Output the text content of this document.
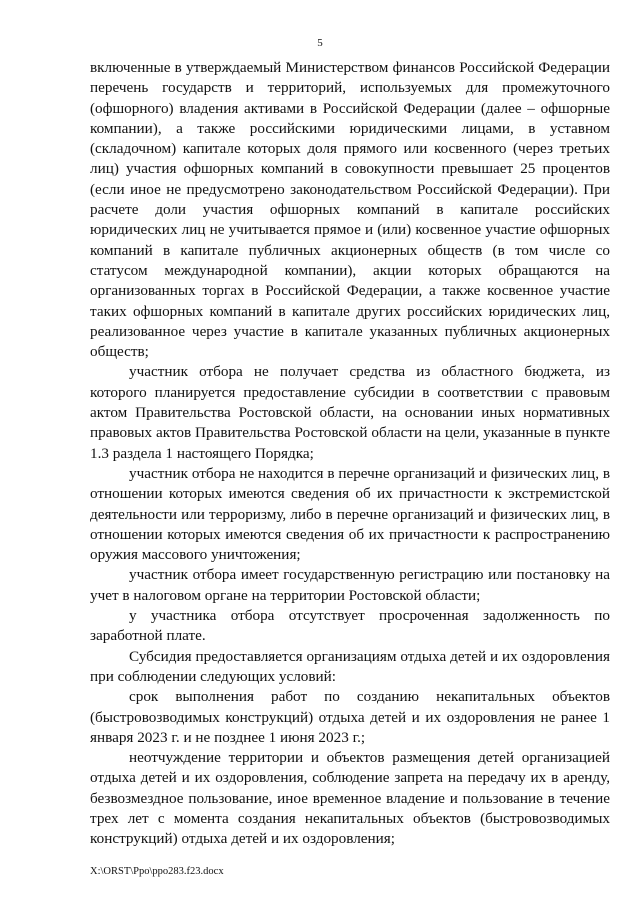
5

включенные в утверждаемый Министерством финансов Российской Федерации перечень государств и территорий, используемых для промежуточного (офшорного) владения активами в Российской Федерации (далее – офшорные компании), а также российскими юридическими лицами, в уставном (складочном) капитале которых доля прямого или косвенного (через третьих лиц) участия офшорных компаний в совокупности превышает 25 процентов (если иное не предусмотрено законодательством Российской Федерации). При расчете доли участия офшорных компаний в капитале российских юридических лиц не учитывается прямое и (или) косвенное участие офшорных компаний в капитале публичных акционерных обществ (в том числе со статусом международной компании), акции которых обращаются на организованных торгах в Российской Федерации, а также косвенное участие таких офшорных компаний в капитале других российских юридических лиц, реализованное через участие в капитале указанных публичных акционерных обществ;

участник отбора не получает средства из областного бюджета, из которого планируется предоставление субсидии в соответствии с правовым актом Правительства Ростовской области, на основании иных нормативных правовых актов Правительства Ростовской области на цели, указанные в пункте 1.3 раздела 1 настоящего Порядка;

участник отбора не находится в перечне организаций и физических лиц, в отношении которых имеются сведения об их причастности к экстремистской деятельности или терроризму, либо в перечне организаций и физических лиц, в отношении которых имеются сведения об их причастности к распространению оружия массового уничтожения;

участник отбора имеет государственную регистрацию или постановку на учет в налоговом органе на территории Ростовской области;

у участника отбора отсутствует просроченная задолженность по заработной плате.

Субсидия предоставляется организациям отдыха детей и их оздоровления при соблюдении следующих условий:

срок выполнения работ по созданию некапитальных объектов (быстровозводимых конструкций) отдыха детей и их оздоровления не ранее 1 января 2023 г. и не позднее 1 июня 2023 г.;

неотчуждение территории и объектов размещения детей организацией отдыха детей и их оздоровления, соблюдение запрета на передачу их в аренду, безвозмездное пользование, иное временное владение и пользование в течение трех лет с момента создания некапитальных объектов (быстровозводимых конструкций) отдыха детей и их оздоровления;

X:\ORST\Ppo\ppo283.f23.docx
